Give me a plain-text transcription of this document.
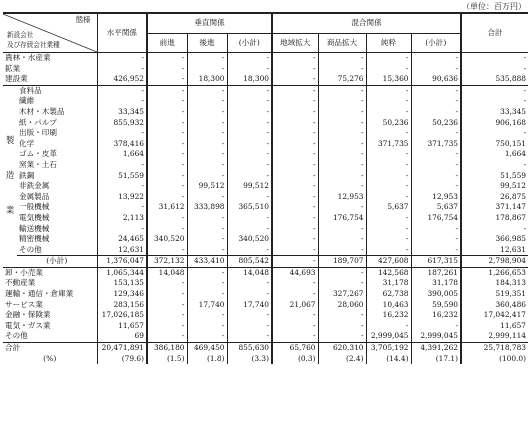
（単位：百万円）
態様
新設会社
及び存続会社業種		水平関係	垂直関係			混合関係				合計
			前進	後進	(小計)	地域拡大	商品拡大	純粋	(小計)	
農林・水産業		-	-	-	-	-	-	-	-	-
鉱業		-	-	-	-	-	-	-	-	-
建設業		426,952	-	18,300	18,300	-	75,276	15,360	90,636	535,888

製
造
業	食料品	-	-	-	-	-	-	-	-	-
	繊維	-	-	-	-	-	-	-	-	-
	木材・木製品	33,345	-	-	-	-	-	-	-	33,345
	紙・パルプ	855,932	-	-	-	-	-	50,236	50,236	906,168
	出版・印刷	-	-	-	-	-	-	-	-	-
	化学	378,416	-	-	-	-	-	371,735	371,735	750,151
	ゴム・皮革	1,664	-	-	-	-	-	-	-	1,664
	窯業・土石	-	-	-	-	-	-	-	-	-
	鉄鋼	51,559	-	-	-	-	-	-	-	51,559
	非鉄金属	-	-	99,512	99,512	-	-	-	-	99,512
	金属製品	13,922	-	-	-	-	12,953	-	12,953	26,875
	一般機械	-	31,612	333,898	365,510	-	-	5,637	5,637	371,147
	電気機械	2,113	-	-	-	-	176,754	-	176,754	178,867
	輸送機械	-	-	-	-	-	-	-	-	-
	精密機械	24,465	340,520	-	340,520	-	-	-	-	366,985
	その他	12,631	-	-	-	-	-	-	-	12,631
	(小計)	1,376,047	372,132	433,410	805,542	-	189,707	427,608	617,315	2,798,904
卸・小売業		1,065,344	14,048	-	14,048	44,693	-	142,568	187,261	1,266,653
不動産業		153,135	-	-	-	-	-	31,178	31,178	184,313
運輸・通信・倉庫業		129,346	-	-	-	-	327,267	62,738	390,005	519,351
サービス業		283,156	-	17,740	17,740	21,067	28,060	10,463	59,590	360,486
金融・保険業		17,026,185	-	-	-	-	-	16,232	16,232	17,042,417
電気・ガス業		11,657	-	-	-	-	-	-	-	11,657
その他		69	-	-	-	-	-	2,999,045	2,999,045	2,999,114
合計		20,471,891	386,180	469,450	855,630	65,760	620,310	3,705,192	4,391,262	25,718,783
(%)		(79.6)	(1.5)	(1.8)	(3.3)	(0.3)	(2.4)	(14.4)	(17.1)	(100.0)
